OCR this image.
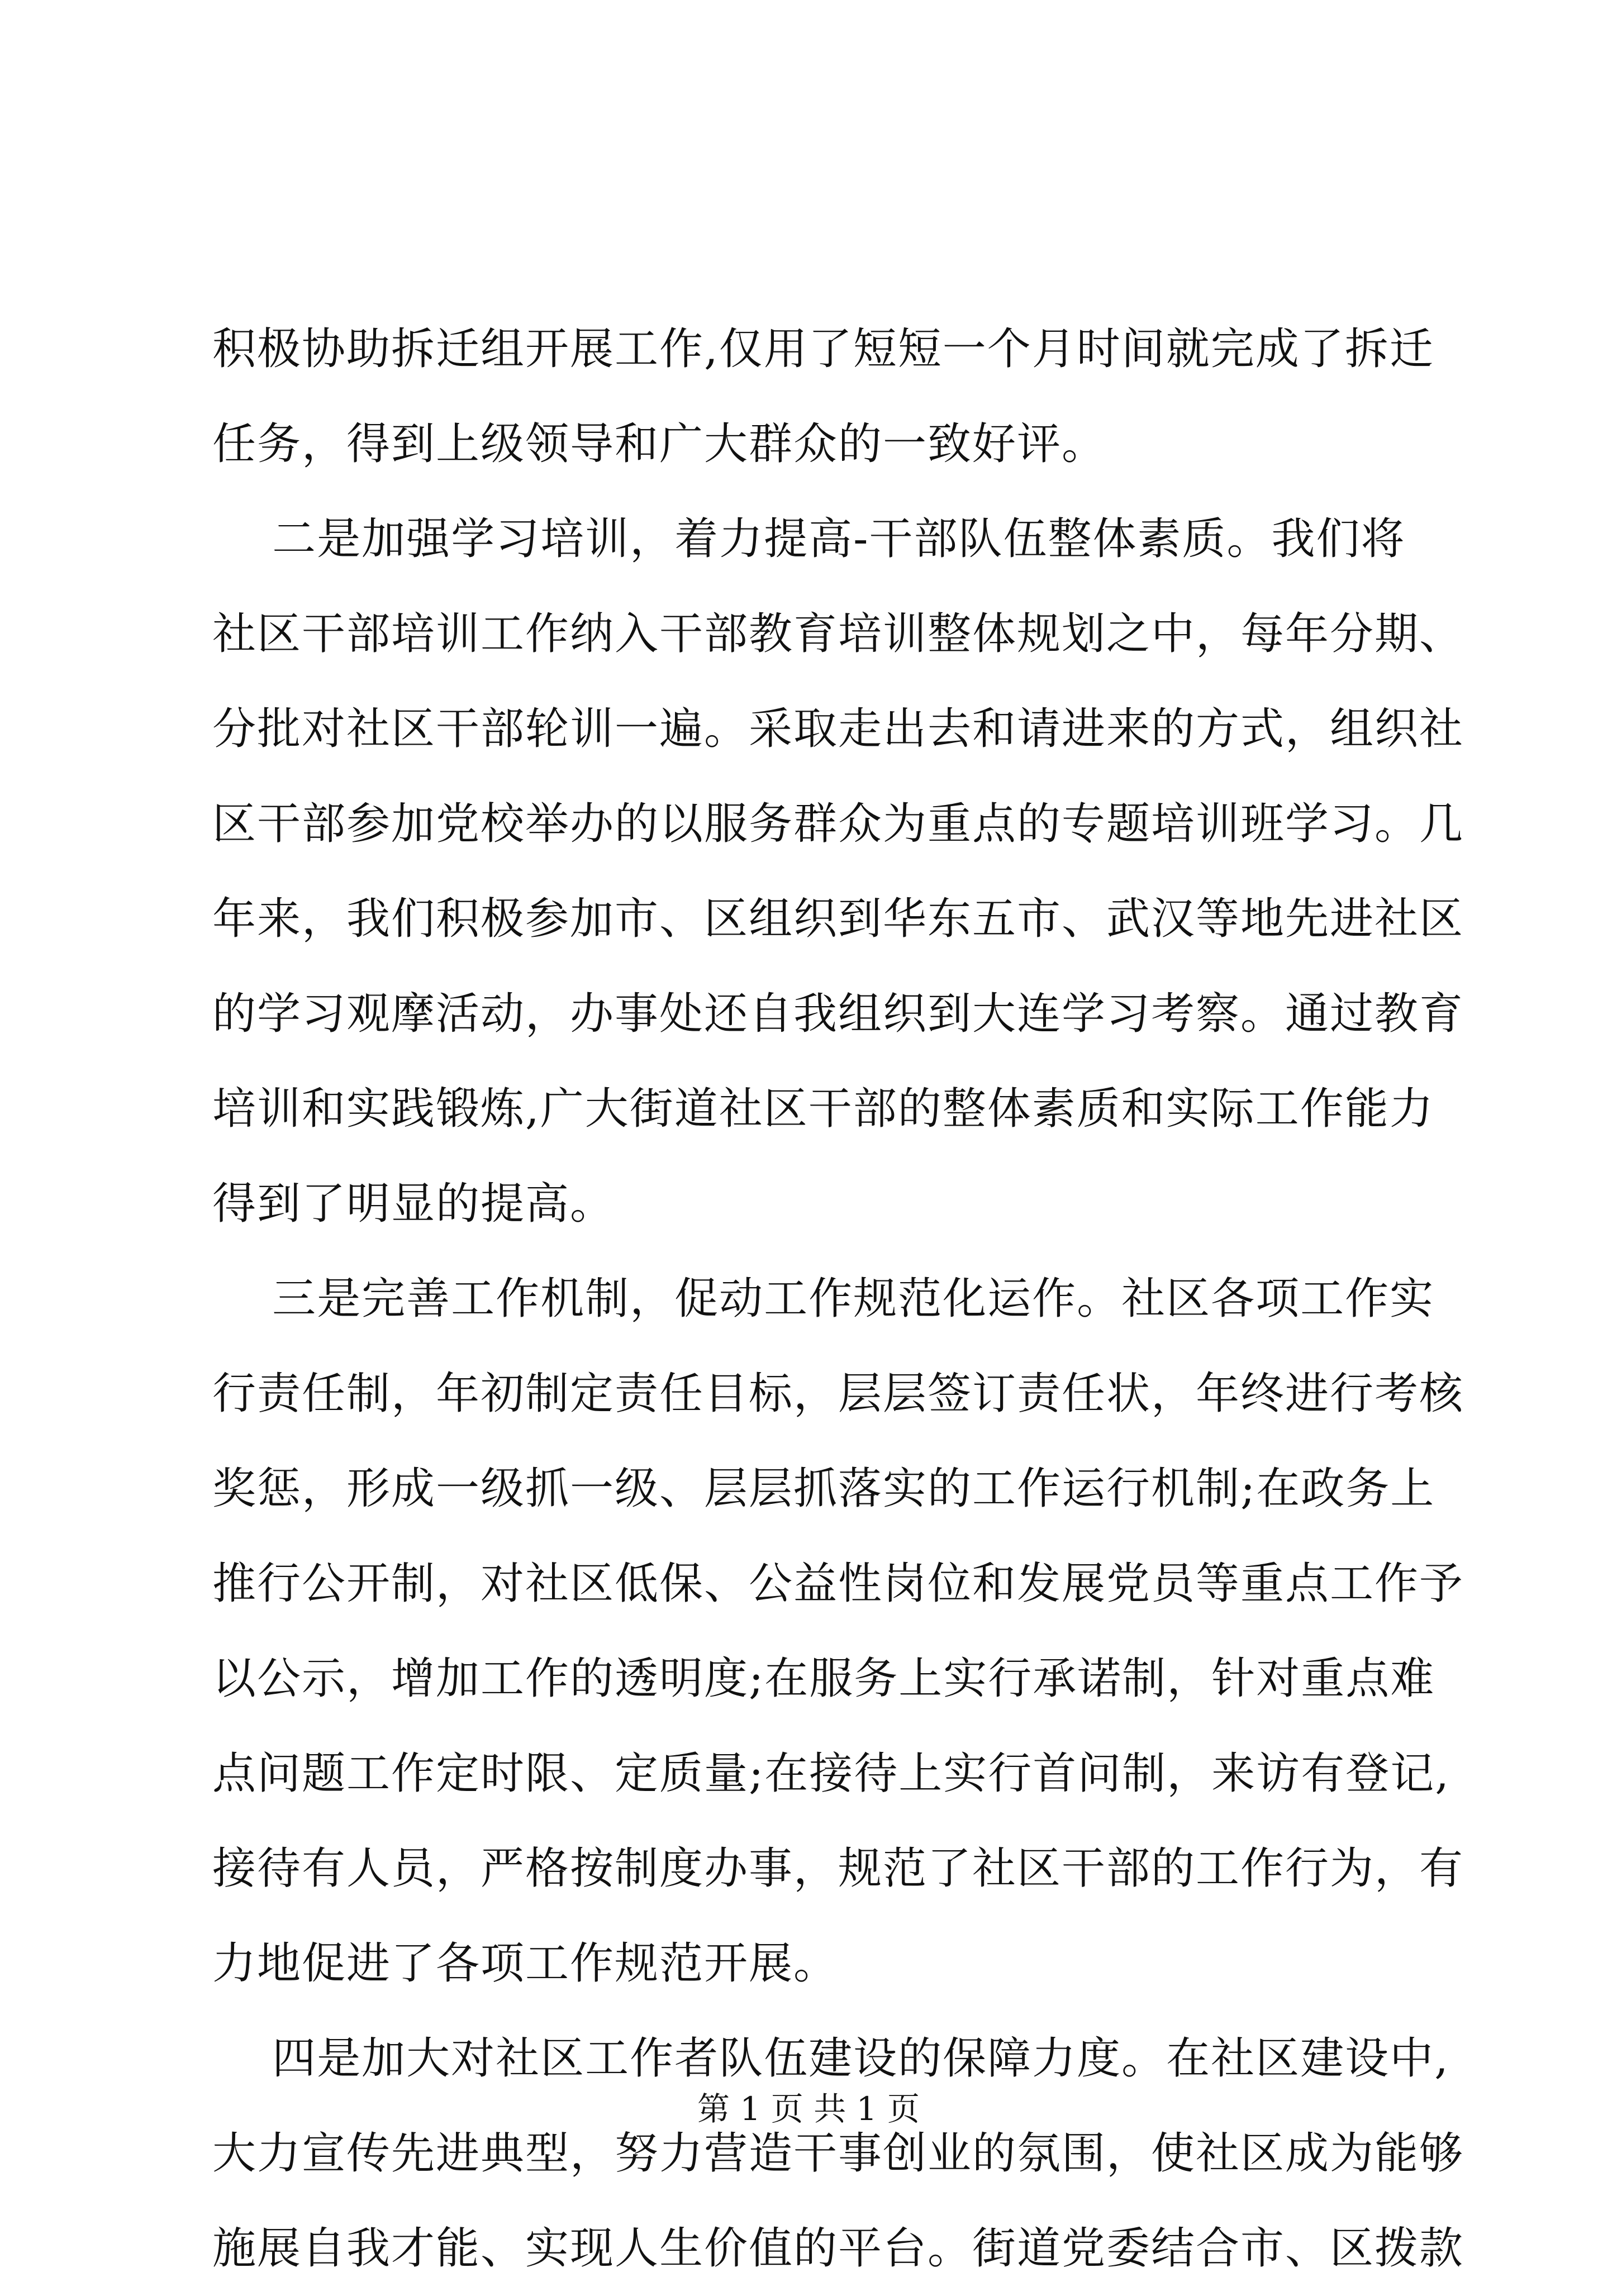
积极协助拆迁组开展工作,仅用了短短一个月时间就完成了拆迁
任务，得到上级领导和广大群众的一致好评。
二是加强学习培训，着力提高-干部队伍整体素质。我们将
社区干部培训工作纳入干部教育培训整体规划之中，每年分期、
分批对社区干部轮训一遍。采取走出去和请进来的方式，组织社
区干部参加党校举办的以服务群众为重点的专题培训班学习。几
年来，我们积极参加市、区组织到华东五市、武汉等地先进社区
的学习观摩活动，办事处还自我组织到大连学习考察。通过教育
培训和实践锻炼,广大街道社区干部的整体素质和实际工作能力
得到了明显的提高。
三是完善工作机制，促动工作规范化运作。社区各项工作实
行责任制，年初制定责任目标，层层签订责任状，年终进行考核
奖惩，形成一级抓一级、层层抓落实的工作运行机制;在政务上
推行公开制，对社区低保、公益性岗位和发展党员等重点工作予
以公示，增加工作的透明度;在服务上实行承诺制，针对重点难
点问题工作定时限、定质量;在接待上实行首问制，来访有登记,
接待有人员，严格按制度办事，规范了社区干部的工作行为，有
力地促进了各项工作规范开展。
四是加大对社区工作者队伍建设的保障力度。在社区建设中,
大力宣传先进典型，努力营造干事创业的氛围，使社区成为能够
施展自我才能、实现人生价值的平台。街道党委结合市、区拨款
第 1 页 共 1 页
